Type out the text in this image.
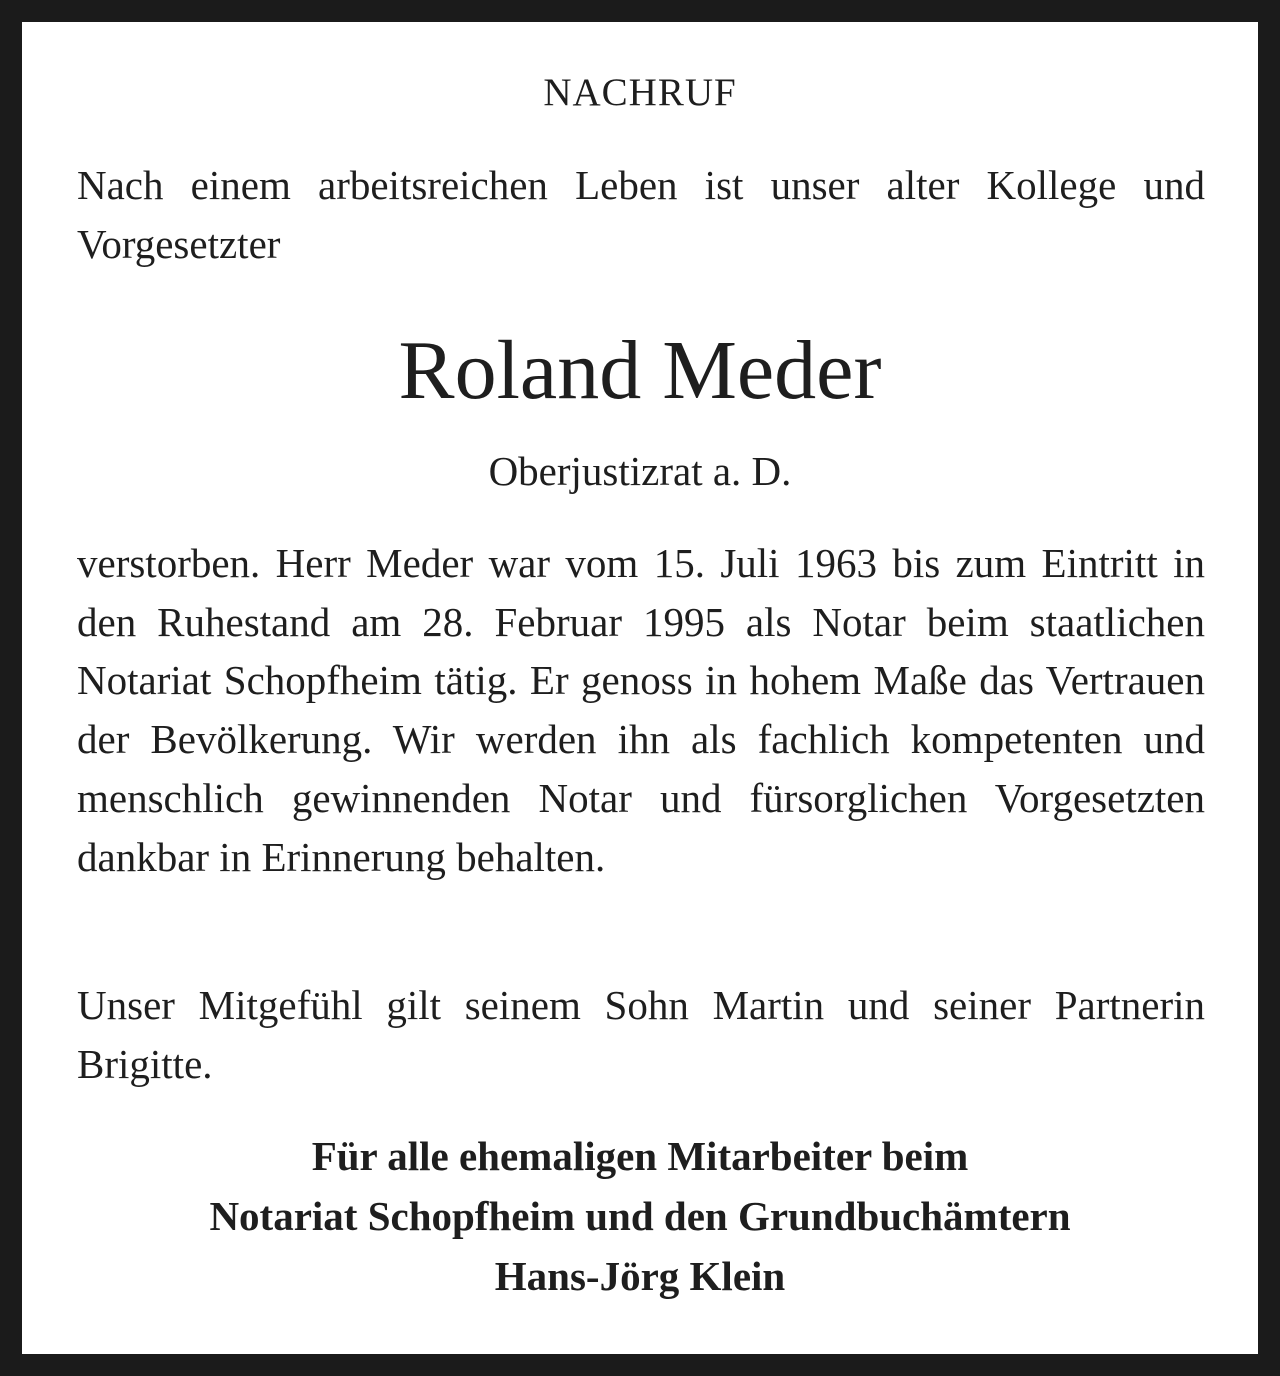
NACHRUF

Nach einem arbeitsreichen Leben ist unser alter Kollege und Vorgesetzter

Roland Meder

Oberjustizrat a. D.

verstorben. Herr Meder war vom 15. Juli 1963 bis zum Eintritt in den Ruhestand am 28. Februar 1995 als Notar beim staatlichen Notariat Schopfheim tätig. Er genoss in hohem Maße das Vertrauen der Bevölkerung. Wir werden ihn als fachlich kompetenten und menschlich gewinnenden Notar und fürsorglichen Vorgesetzten dankbar in Erinnerung behalten.

Unser Mitgefühl gilt seinem Sohn Martin und seiner Partnerin Brigitte.

Für alle ehemaligen Mitarbeiter beim
Notariat Schopfheim und den Grundbuchämtern
Hans-Jörg Klein
